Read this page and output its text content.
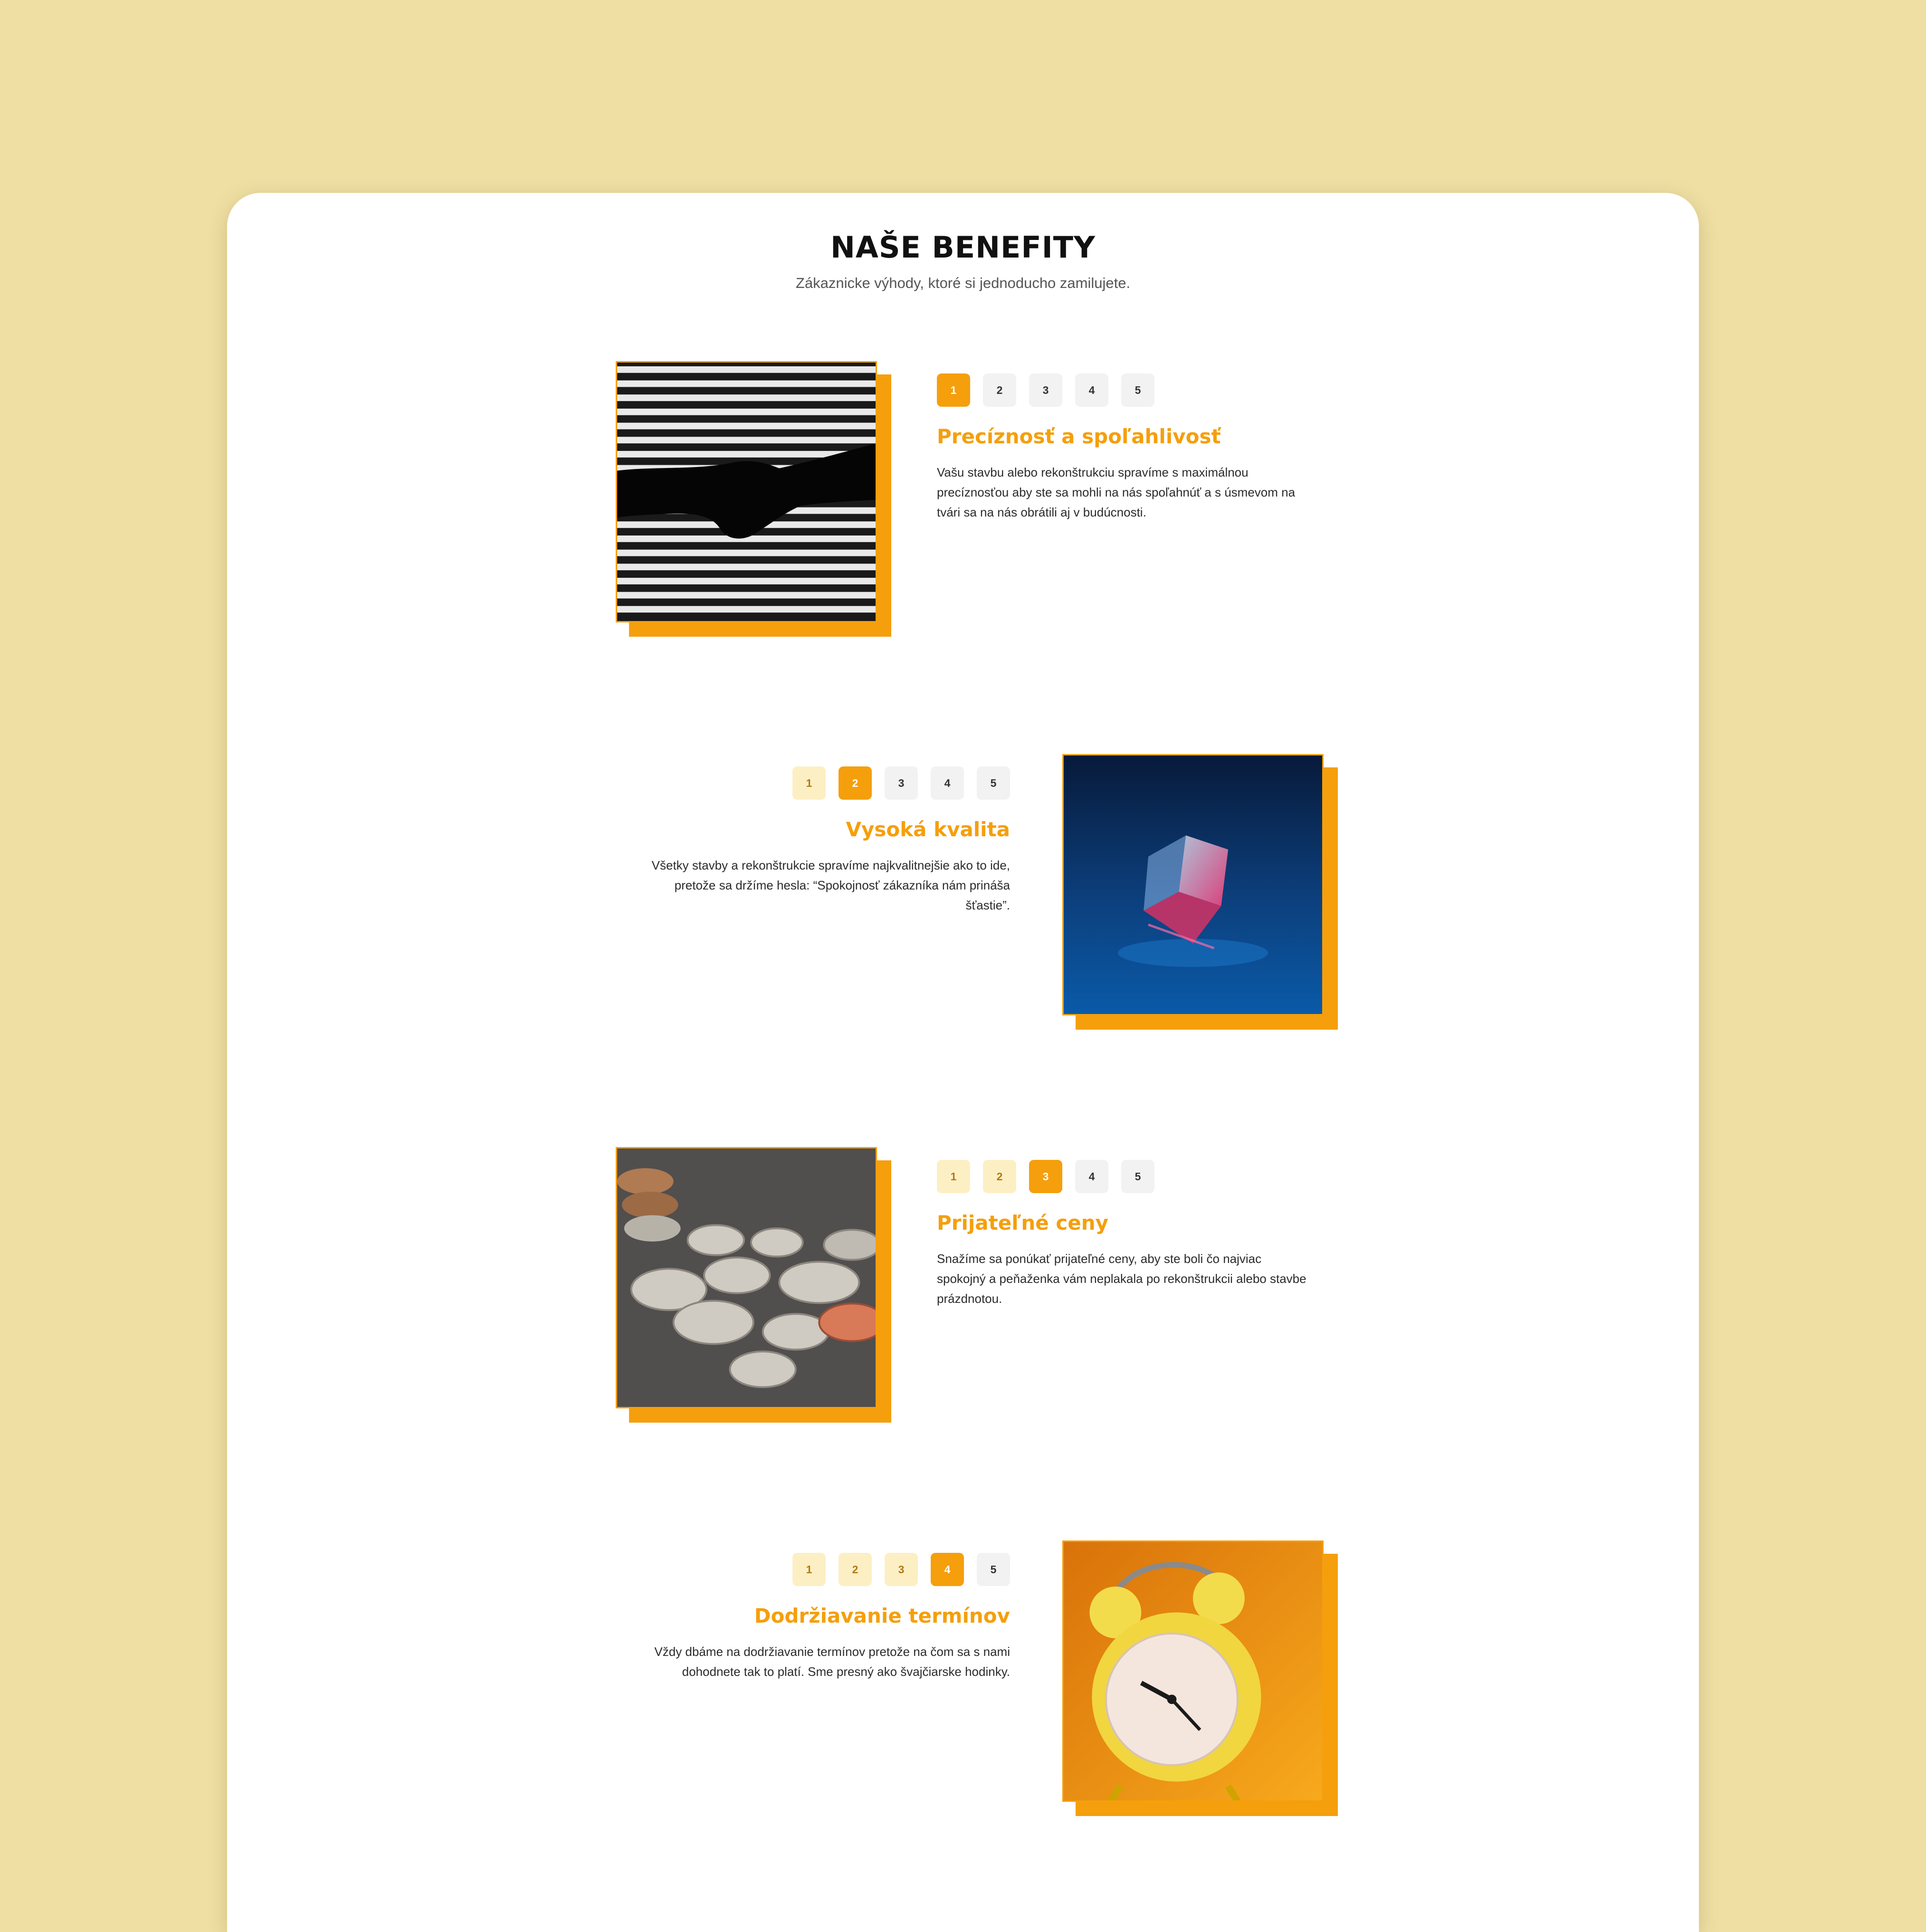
NAŠE BENEFITY
Zákaznicke výhody, ktoré si jednoducho zamilujete.
1	2	3	4	5
Precíznosť a spoľahlivosť
Vašu stavbu alebo rekonštrukciu spravíme s maximálnou precíznosťou aby ste sa mohli na nás spoľahnúť a s úsmevom na tvári sa na nás obrátili aj v budúcnosti.
1	2	3	4	5
Vysoká kvalita
Všetky stavby a rekonštrukcie spravíme najkvalitnejšie ako to ide, pretože sa držíme hesla: “Spokojnosť zákazníka nám prináša šťastie”.
1	2	3	4	5
Prijateľné ceny
Snažíme sa ponúkať prijateľné ceny, aby ste boli čo najviac spokojný a peňaženka vám neplakala po rekonštrukcii alebo stavbe prázdnotou.
1	2	3	4	5
Dodržiavanie termínov
Vždy dbáme na dodržiavanie termínov pretože na čom sa s nami dohodnete tak to platí. Sme presný ako švajčiarske hodinky.
